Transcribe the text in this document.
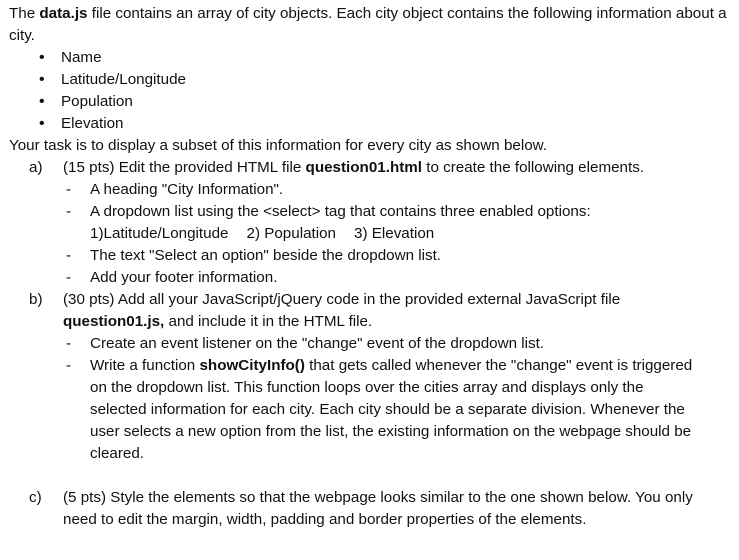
The data.js file contains an array of city objects. Each city object contains the following information about a city.

• Name
• Latitude/Longitude
• Population
• Elevation

Your task is to display a subset of this information for every city as shown below.

a) (15 pts) Edit the provided HTML file question01.html to create the following elements.

- A heading "City Information".
- A dropdown list using the <select> tag that contains three enabled options:
1)Latitude/Longitude 2) Population 3) Elevation
- The text "Select an option" beside the dropdown list.
- Add your footer information.
b) (30 pts) Add all your JavaScript/jQuery code in the provided external JavaScript file question01.js, and include it in the HTML file.

- Create an event listener on the "change" event of the dropdown list.
- Write a function showCityInfo() that gets called whenever the "change" event is triggered on the dropdown list. This function loops over the cities array and displays only the selected information for each city. Each city should be a separate division. Whenever the user selects a new option from the list, the existing information on the webpage should be cleared.
c) (5 pts) Style the elements so that the webpage looks similar to the one shown below. You only need to edit the margin, width, padding and border properties of the elements.
